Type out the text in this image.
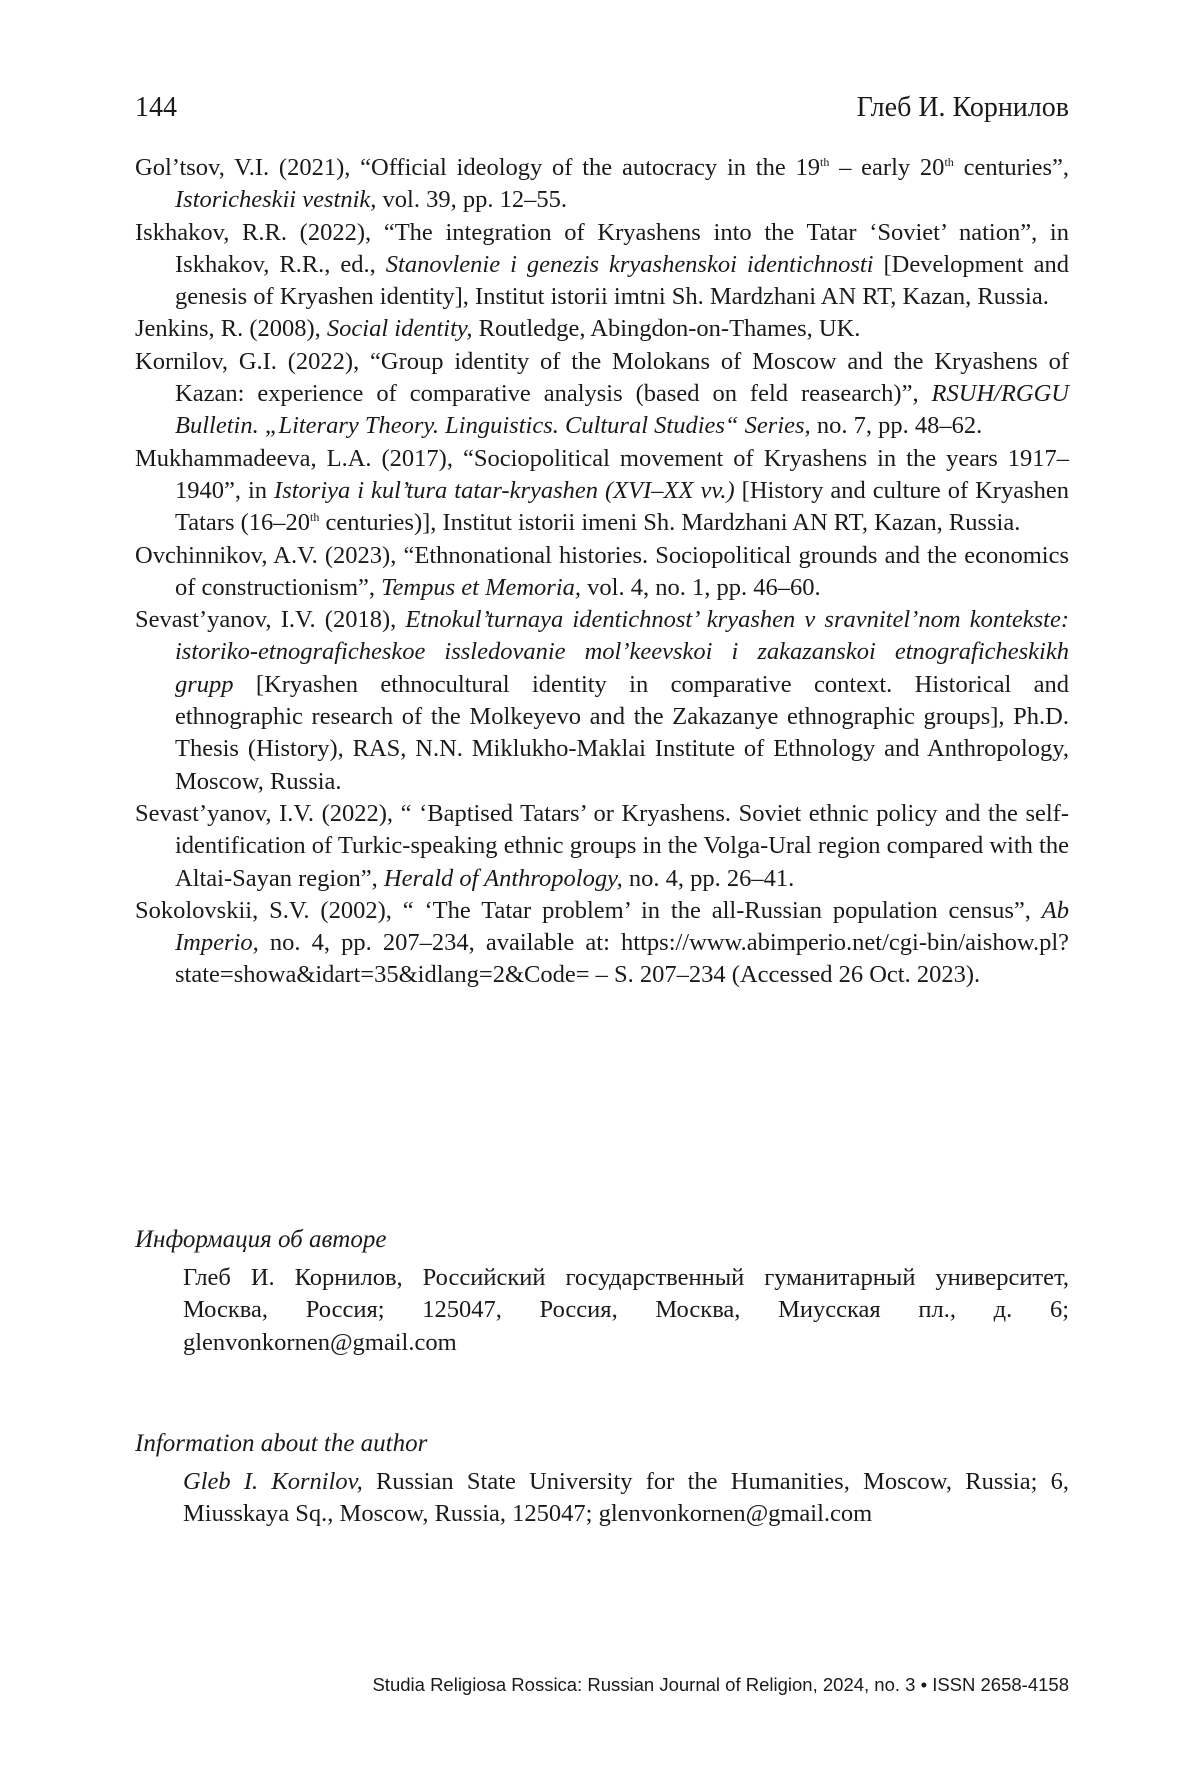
144	Глеб И. Корнилов
Gol’tsov, V.I. (2021), “Official ideology of the autocracy in the 19th – early 20th centuries”, Istoricheskii vestnik, vol. 39, pp. 12–55.
Iskhakov, R.R. (2022), “The integration of Kryashens into the Tatar ‘Soviet’ nation”, in Iskhakov, R.R., ed., Stanovlenie i genezis kryashenskoi identichnosti [Development and genesis of Kryashen identity], Institut istorii imtni Sh. Mardzhani AN RT, Kazan, Russia.
Jenkins, R. (2008), Social identity, Routledge, Abingdon-on-Thames, UK.
Kornilov, G.I. (2022), “Group identity of the Molokans of Moscow and the Kryashens of Kazan: experience of comparative analysis (based on feld reasearch)”, RSUH/RGGU Bulletin. „Literary Theory. Linguistics. Cultural Studies“ Series, no. 7, pp. 48–62.
Mukhammadeeva, L.A. (2017), “Sociopolitical movement of Kryashens in the years 1917–1940”, in Istoriya i kul’tura tatar-kryashen (XVI–XX vv.) [History and culture of Kryashen Tatars (16–20th centuries)], Institut istorii imeni Sh. Mardzhani AN RT, Kazan, Russia.
Ovchinnikov, A.V. (2023), “Ethnonational histories. Sociopolitical grounds and the economics of constructionism”, Tempus et Memoria, vol. 4, no. 1, pp. 46–60.
Sevast’yanov, I.V. (2018), Etnokul’turnaya identichnost’ kryashen v sravnitel’nom kontekste: istoriko-etnograficheskoe issledovanie mol’keevskoi i zakazanskoi etnograficheskikh grupp [Kryashen ethnocultural identity in comparative context. Historical and ethnographic research of the Molkeyevo and the Zakazanye ethnographic groups], Ph.D. Thesis (History), RAS, N.N. Miklukho-Maklai Institute of Ethnology and Anthropology, Moscow, Russia.
Sevast’yanov, I.V. (2022), “ ‘Baptised Tatars’ or Kryashens. Soviet ethnic policy and the self-identification of Turkic-speaking ethnic groups in the Volga-Ural region compared with the Altai-Sayan region”, Herald of Anthropology, no. 4, pp. 26–41.
Sokolovskii, S.V. (2002), “ ‘The Tatar problem’ in the all-Russian population census”, Ab Imperio, no. 4, pp. 207–234, available at: https://www.abimperio.net/cgi-bin/aishow.pl?state=showa&idart=35&idlang=2&Code= – S. 207–234 (Accessed 26 Oct. 2023).
Информация об авторе
Глеб И. Корнилов, Российский государственный гуманитарный университет, Москва, Россия; 125047, Россия, Москва, Миусская пл., д. 6; glenvonkornen@gmail.com
Information about the author
Gleb I. Kornilov, Russian State University for the Humanities, Moscow, Russia; 6, Miusskaya Sq., Moscow, Russia, 125047; glenvonkornen@gmail.com
Studia Religiosa Rossica: Russian Journal of Religion, 2024, no. 3 • ISSN 2658-4158
